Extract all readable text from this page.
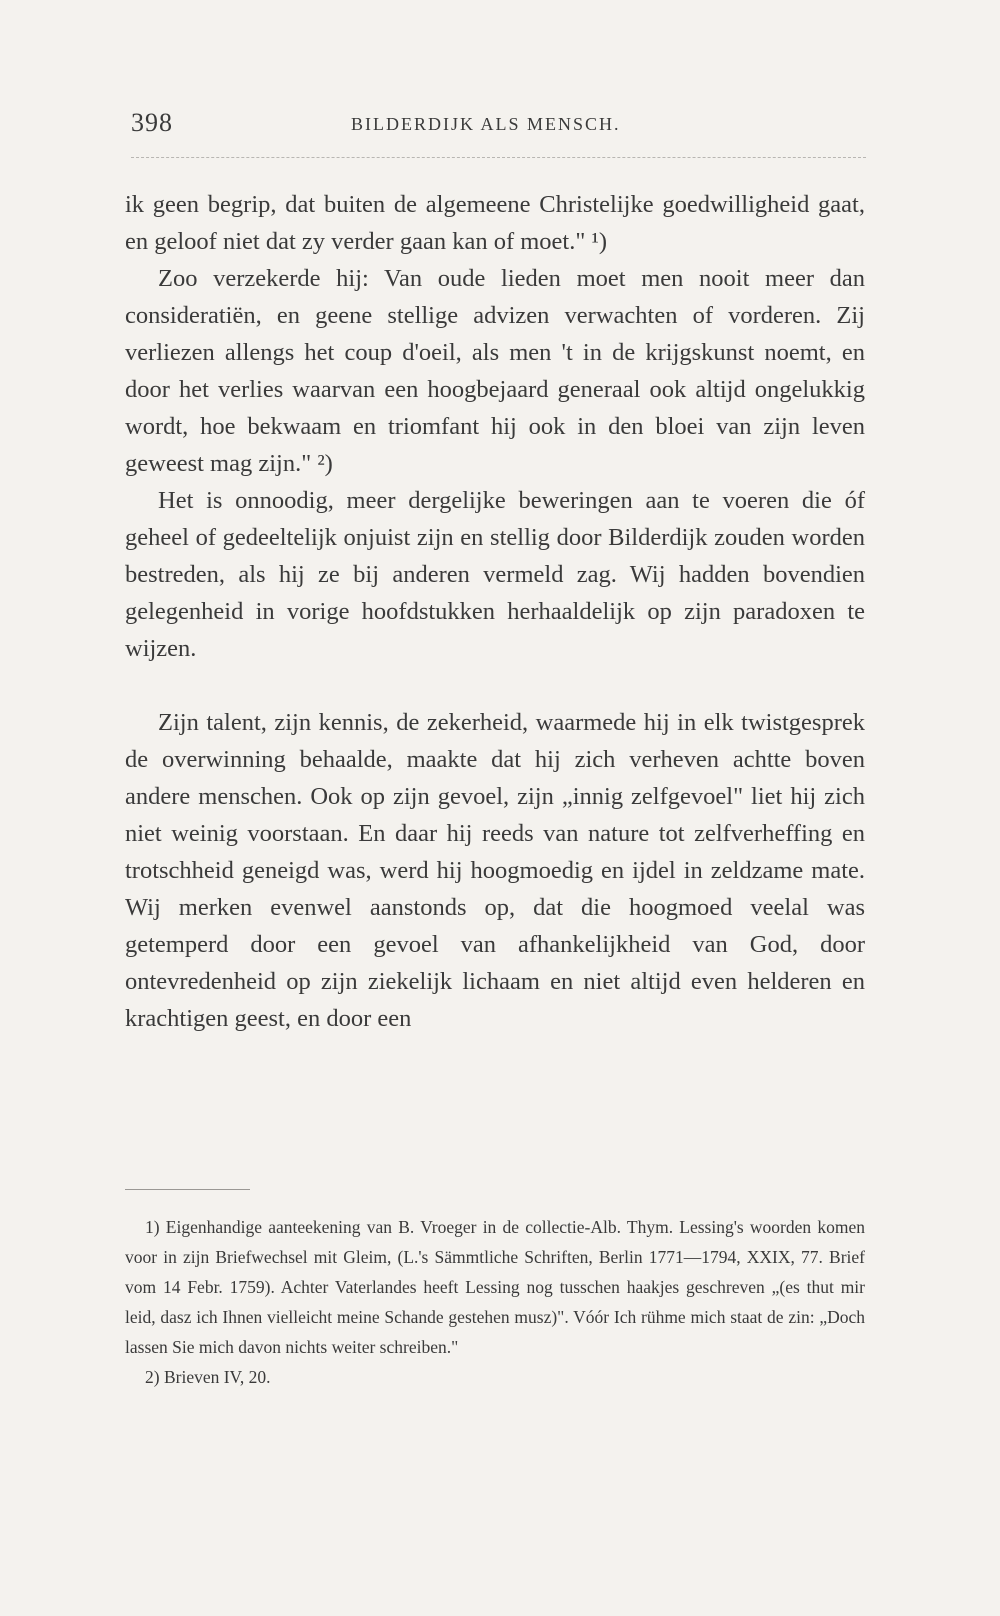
398	BILDERDIJK ALS MENSCH.

ik geen begrip, dat buiten de algemeene Christelijke goedwilligheid gaat, en geloof niet dat zy verder gaan kan of moet." ¹)

Zoo verzekerde hij: Van oude lieden moet men nooit meer dan consideratiën, en geene stellige advizen verwachten of vorderen. Zij verliezen allengs het coup d'oeil, als men 't in de krijgskunst noemt, en door het verlies waarvan een hoogbejaard generaal ook altijd ongelukkig wordt, hoe bekwaam en triomfant hij ook in den bloei van zijn leven geweest mag zijn." ²)

Het is onnoodig, meer dergelijke beweringen aan te voeren die óf geheel of gedeeltelijk onjuist zijn en stellig door Bilderdijk zouden worden bestreden, als hij ze bij anderen vermeld zag. Wij hadden bovendien gelegenheid in vorige hoofdstukken herhaaldelijk op zijn paradoxen te wijzen.

Zijn talent, zijn kennis, de zekerheid, waarmede hij in elk twistgesprek de overwinning behaalde, maakte dat hij zich verheven achtte boven andere menschen. Ook op zijn gevoel, zijn „innig zelfgevoel" liet hij zich niet weinig voorstaan. En daar hij reeds van nature tot zelfverheffing en trotschheid geneigd was, werd hij hoogmoedig en ijdel in zeldzame mate. Wij merken evenwel aanstonds op, dat die hoogmoed veelal was getemperd door een gevoel van afhankelijkheid van God, door ontevredenheid op zijn ziekelijk lichaam en niet altijd even helderen en krachtigen geest, en door een

1) Eigenhandige aanteekening van B. Vroeger in de collectie-Alb. Thym. Lessing's woorden komen voor in zijn Briefwechsel mit Gleim, (L.'s Sämmtliche Schriften, Berlin 1771—1794, XXIX, 77. Brief vom 14 Febr. 1759). Achter Vaterlandes heeft Lessing nog tusschen haakjes geschreven „(es thut mir leid, dasz ich Ihnen vielleicht meine Schande gestehen musz)". Vóór Ich rühme mich staat de zin: „Doch lassen Sie mich davon nichts weiter schreiben."

2) Brieven IV, 20.
